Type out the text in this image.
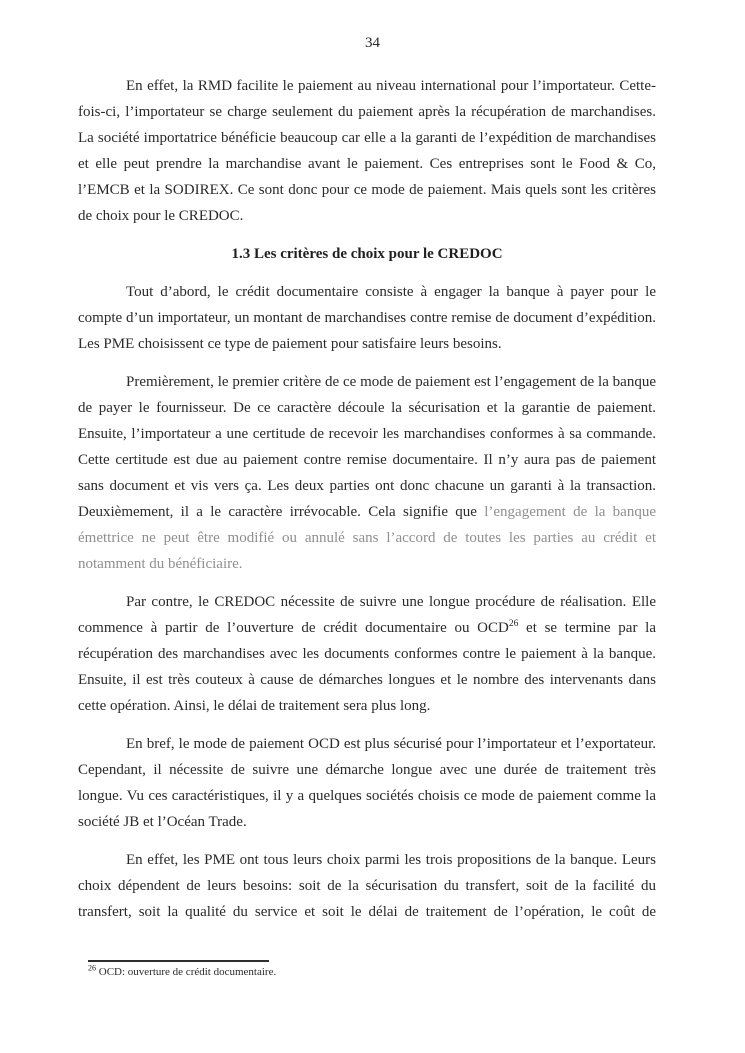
34

En effet, la RMD facilite le paiement au niveau international pour l’importateur. Cette-fois-ci, l’importateur se charge seulement du paiement après la récupération de marchandises. La société importatrice bénéficie beaucoup car elle a la garanti de l’expédition de marchandises et elle peut prendre la marchandise avant le paiement. Ces entreprises sont le Food & Co, l’EMCB et la SODIREX. Ce sont donc pour ce mode de paiement. Mais quels sont les critères de choix pour le CREDOC.

1.3 Les critères de choix pour le CREDOC

Tout d’abord, le crédit documentaire consiste à engager la banque à payer pour le compte d’un importateur, un montant de marchandises contre remise de document d’expédition. Les PME choisissent ce type de paiement pour satisfaire leurs besoins.

Premièrement, le premier critère de ce mode de paiement est l’engagement de la banque de payer le fournisseur. De ce caractère découle la sécurisation et la garantie de paiement. Ensuite, l’importateur a une certitude de recevoir les marchandises conformes à sa commande. Cette certitude est due au paiement contre remise documentaire. Il n’y aura pas de paiement sans document et vis vers ça. Les deux parties ont donc chacune un garanti à la transaction. Deuxièmement, il a le caractère irrévocable. Cela signifie que l’engagement de la banque émettrice ne peut être modifié ou annulé sans l’accord de toutes les parties au crédit et notamment du bénéficiaire.

Par contre, le CREDOC nécessite de suivre une longue procédure de réalisation. Elle commence à partir de l’ouverture de crédit documentaire ou OCD$^{26}$ et se termine par la récupération des marchandises avec les documents conformes contre le paiement à la banque. Ensuite, il est très couteux à cause de démarches longues et le nombre des intervenants dans cette opération. Ainsi, le délai de traitement sera plus long.

En bref, le mode de paiement OCD est plus sécurisé pour l’importateur et l’exportateur. Cependant, il nécessite de suivre une démarche longue avec une durée de traitement très longue. Vu ces caractéristiques, il y a quelques sociétés choisis ce mode de paiement comme la société JB et l’Océan Trade.

En effet, les PME ont tous leurs choix parmi les trois propositions de la banque. Leurs choix dépendent de leurs besoins: soit de la sécurisation du transfert, soit de la facilité du transfert, soit la qualité du service et soit le délai de traitement de l’opération, le coût de

$^{26}$ OCD: ouverture de crédit documentaire.
